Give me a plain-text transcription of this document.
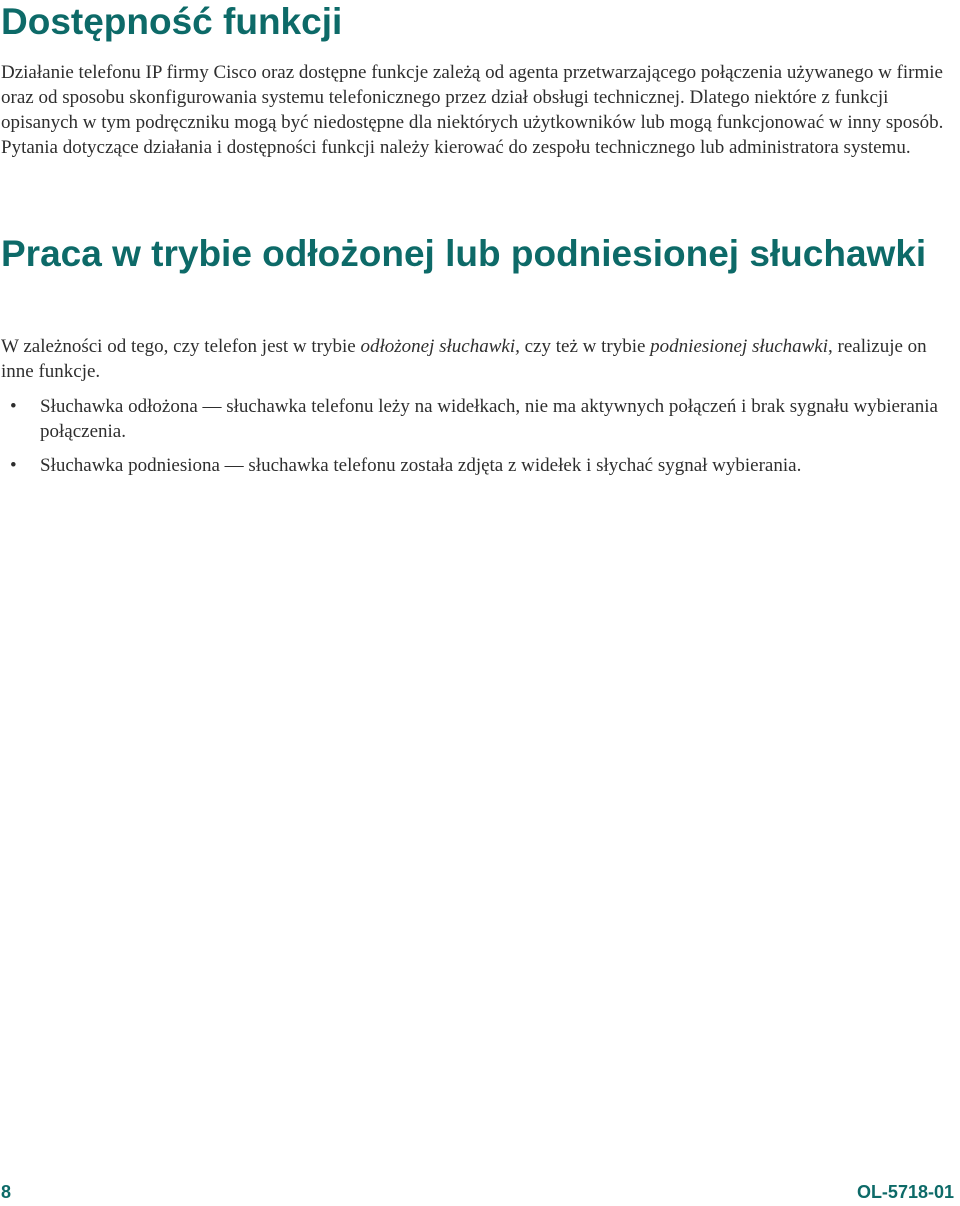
Dostępność funkcji

Działanie telefonu IP firmy Cisco oraz dostępne funkcje zależą od agenta przetwarzającego połączenia używanego w firmie oraz od sposobu skonfigurowania systemu telefonicznego przez dział obsługi technicznej. Dlatego niektóre z funkcji opisanych w tym podręczniku mogą być niedostępne dla niektórych użytkowników lub mogą funkcjonować w inny sposób. Pytania dotyczące działania i dostępności funkcji należy kierować do zespołu technicznego lub administratora systemu.

Praca w trybie odłożonej lub podniesionej słuchawki

W zależności od tego, czy telefon jest w trybie odłożonej słuchawki, czy też w trybie podniesionej słuchawki, realizuje on inne funkcje.

• Słuchawka odłożona — słuchawka telefonu leży na widełkach, nie ma aktywnych połączeń i brak sygnału wybierania połączenia.
• Słuchawka podniesiona — słuchawka telefonu została zdjęta z widełek i słychać sygnał wybierania.
8	OL-5718-01
